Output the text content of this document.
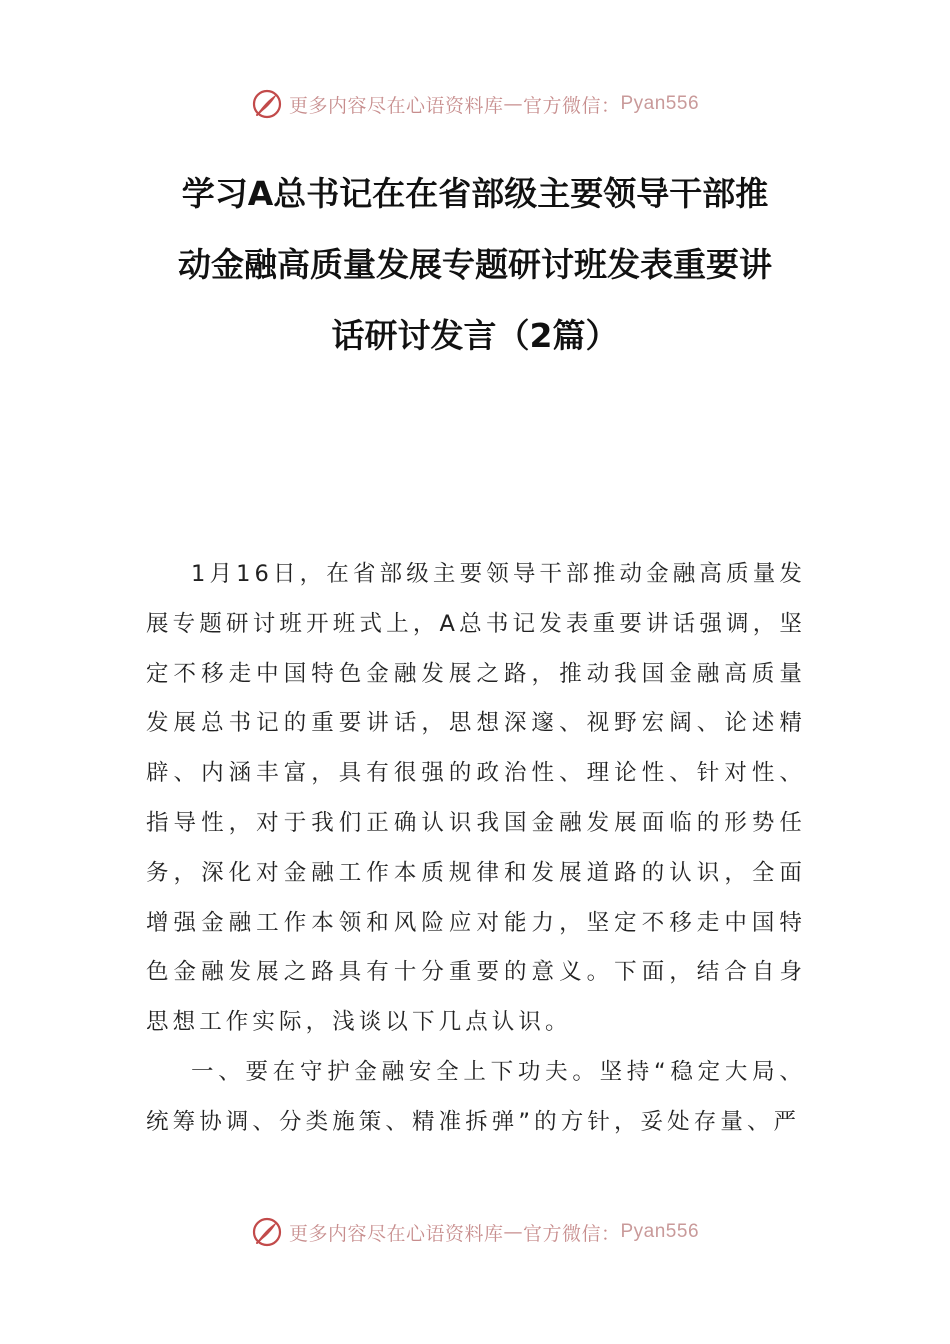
更多内容尽在心语资料库 — 官方微信： Pyan556
学习A总书记在在省部级主要领导干部推
动金融高质量发展专题研讨班发表重要讲
话研讨发言（2篇）

1月16日，在省部级主要领导干部推动金融高质量发展专题研讨班开班式上，A总书记发表重要讲话强调，坚定不移走中国特色金融发展之路，推动我国金融高质量发展总书记的重要讲话，思想深邃、视野宏阔、论述精辟、内涵丰富，具有很强的政治性、理论性、针对性、指导性，对于我们正确认识我国金融发展面临的形势任务，深化对金融工作本质规律和发展道路的认识，全面增强金融工作本领和风险应对能力，坚定不移走中国特色金融发展之路具有十分重要的意义。下面，结合自身思想工作实际，浅谈以下几点认识。

一、要在守护金融安全上下功夫。坚持“稳定大局、统筹协调、分类施策、精准拆弹”的方针，妥处存量、严

更多内容尽在心语资料库 — 官方微信： Pyan556
